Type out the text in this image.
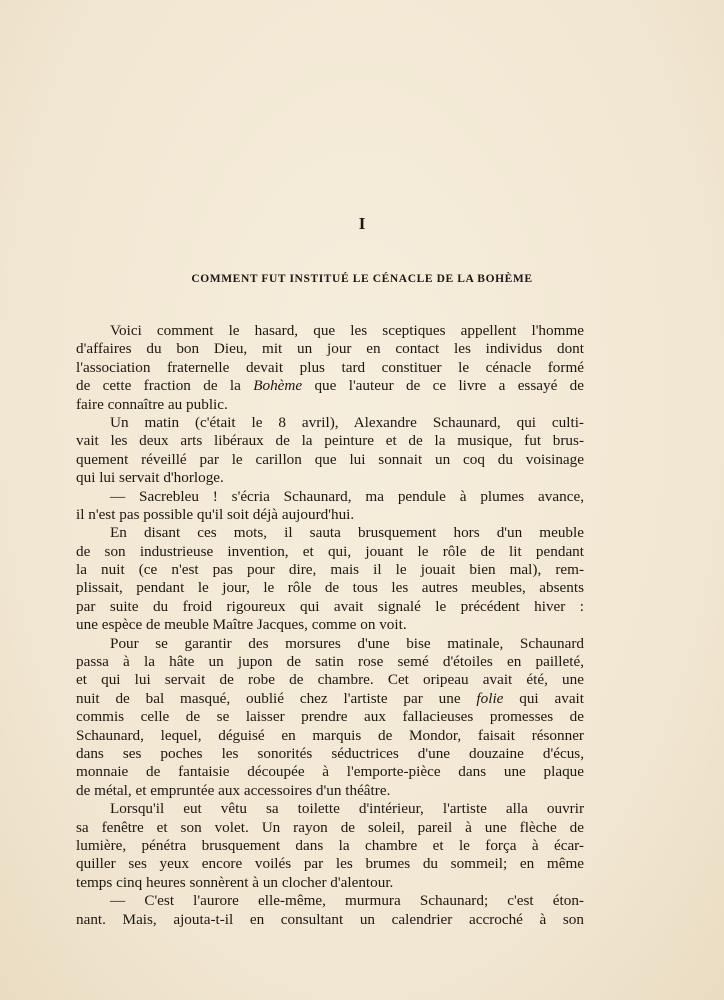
I
COMMENT FUT INSTITUÉ LE CÉNACLE DE LA BOHÈME
Voici comment le hasard, que les sceptiques appellent l'homme
d'affaires du bon Dieu, mit un jour en contact les individus dont
l'association fraternelle devait plus tard constituer le cénacle formé
de cette fraction de la Bohème que l'auteur de ce livre a essayé de
faire connaître au public.
Un matin (c'était le 8 avril), Alexandre Schaunard, qui culti-
vait les deux arts libéraux de la peinture et de la musique, fut brus-
quement réveillé par le carillon que lui sonnait un coq du voisinage
qui lui servait d'horloge.
— Sacrebleu ! s'écria Schaunard, ma pendule à plumes avance,
il n'est pas possible qu'il soit déjà aujourd'hui.
En disant ces mots, il sauta brusquement hors d'un meuble
de son industrieuse invention, et qui, jouant le rôle de lit pendant
la nuit (ce n'est pas pour dire, mais il le jouait bien mal), rem-
plissait, pendant le jour, le rôle de tous les autres meubles, absents
par suite du froid rigoureux qui avait signalé le précédent hiver :
une espèce de meuble Maître Jacques, comme on voit.
Pour se garantir des morsures d'une bise matinale, Schaunard
passa à la hâte un jupon de satin rose semé d'étoiles en pailleté,
et qui lui servait de robe de chambre. Cet oripeau avait été, une
nuit de bal masqué, oublié chez l'artiste par une folie qui avait
commis celle de se laisser prendre aux fallacieuses promesses de
Schaunard, lequel, déguisé en marquis de Mondor, faisait résonner
dans ses poches les sonorités séductrices d'une douzaine d'écus,
monnaie de fantaisie découpée à l'emporte-pièce dans une plaque
de métal, et empruntée aux accessoires d'un théâtre.
Lorsqu'il eut vêtu sa toilette d'intérieur, l'artiste alla ouvrir
sa fenêtre et son volet. Un rayon de soleil, pareil à une flèche de
lumière, pénétra brusquement dans la chambre et le força à écar-
quiller ses yeux encore voilés par les brumes du sommeil; en même
temps cinq heures sonnèrent à un clocher d'alentour.
— C'est l'aurore elle-même, murmura Schaunard; c'est éton-
nant. Mais, ajouta-t-il en consultant un calendrier accroché à son
